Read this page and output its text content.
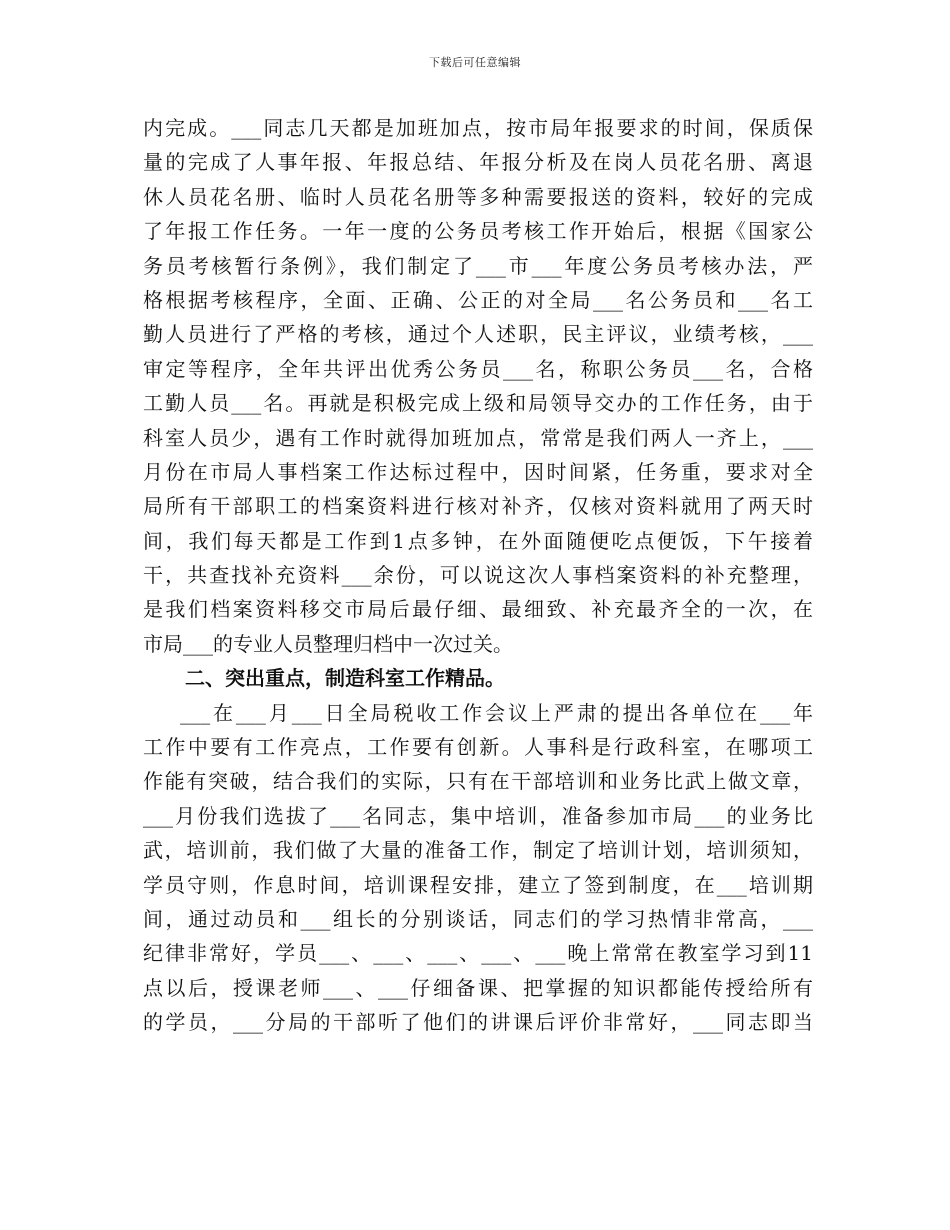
下载后可任意编辑
内完成。___同志几天都是加班加点，按市局年报要求的时间，保质保
量的完成了人事年报、年报总结、年报分析及在岗人员花名册、离退
休人员花名册、临时人员花名册等多种需要报送的资料，较好的完成
了年报工作任务。一年一度的公务员考核工作开始后，根据《国家公
务员考核暂行条例》，我们制定了___市___年度公务员考核办法，严
格根据考核程序，全面、正确、公正的对全局___名公务员和___名工
勤人员进行了严格的考核，通过个人述职，民主评议，业绩考核，___
审定等程序，全年共评出优秀公务员___名，称职公务员___名，合格
工勤人员___名。再就是积极完成上级和局领导交办的工作任务，由于
科室人员少，遇有工作时就得加班加点，常常是我们两人一齐上，___
月份在市局人事档案工作达标过程中，因时间紧，任务重，要求对全
局所有干部职工的档案资料进行核对补齐，仅核对资料就用了两天时
间，我们每天都是工作到1点多钟，在外面随便吃点便饭，下午接着
干，共查找补充资料___余份，可以说这次人事档案资料的补充整理，
是我们档案资料移交市局后最仔细、最细致、补充最齐全的一次，在
市局___的专业人员整理归档中一次过关。
二、突出重点，制造科室工作精品。
___在___月___日全局税收工作会议上严肃的提出各单位在___年
工作中要有工作亮点，工作要有创新。人事科是行政科室，在哪项工
作能有突破，结合我们的实际，只有在干部培训和业务比武上做文章，
___月份我们选拔了___名同志，集中培训，准备参加市局___的业务比
武，培训前，我们做了大量的准备工作，制定了培训计划，培训须知，
学员守则，作息时间，培训课程安排，建立了签到制度，在___培训期
间，通过动员和___组长的分别谈话，同志们的学习热情非常高，___
纪律非常好，学员___、___、___、___、___晚上常常在教室学习到11
点以后，授课老师___、___仔细备课、把掌握的知识都能传授给所有
的学员，___分局的干部听了他们的讲课后评价非常好，___同志即当
